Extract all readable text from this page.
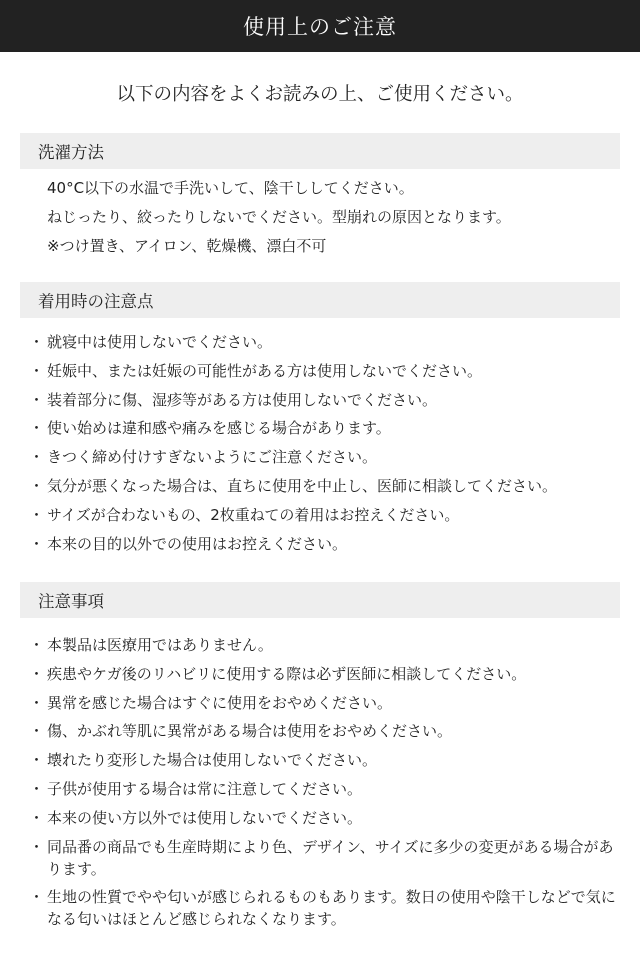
使用上のご注意
以下の内容をよくお読みの上、ご使用ください。
洗濯方法
40°C以下の水温で手洗いして、陰干ししてください。
ねじったり、絞ったりしないでください。型崩れの原因となります。
※つけ置き、アイロン、乾燥機、漂白不可
着用時の注意点
・ 就寝中は使用しないでください。
・ 妊娠中、または妊娠の可能性がある方は使用しないでください。
・ 装着部分に傷、湿疹等がある方は使用しないでください。
・ 使い始めは違和感や痛みを感じる場合があります。
・ きつく締め付けすぎないようにご注意ください。
・ 気分が悪くなった場合は、直ちに使用を中止し、医師に相談してください。
・ サイズが合わないもの、2枚重ねての着用はお控えください。
・ 本来の目的以外での使用はお控えください。
注意事項
・ 本製品は医療用ではありません。
・ 疾患やケガ後のリハビリに使用する際は必ず医師に相談してください。
・ 異常を感じた場合はすぐに使用をおやめください。
・ 傷、かぶれ等肌に異常がある場合は使用をおやめください。
・ 壊れたり変形した場合は使用しないでください。
・ 子供が使用する場合は常に注意してください。
・ 本来の使い方以外では使用しないでください。
・ 同品番の商品でも生産時期により色、デザイン、サイズに多少の変更がある場合があります。
・ 生地の性質でやや匂いが感じられるものもあります。数日の使用や陰干しなどで気になる匂いはほとんど感じられなくなります。
